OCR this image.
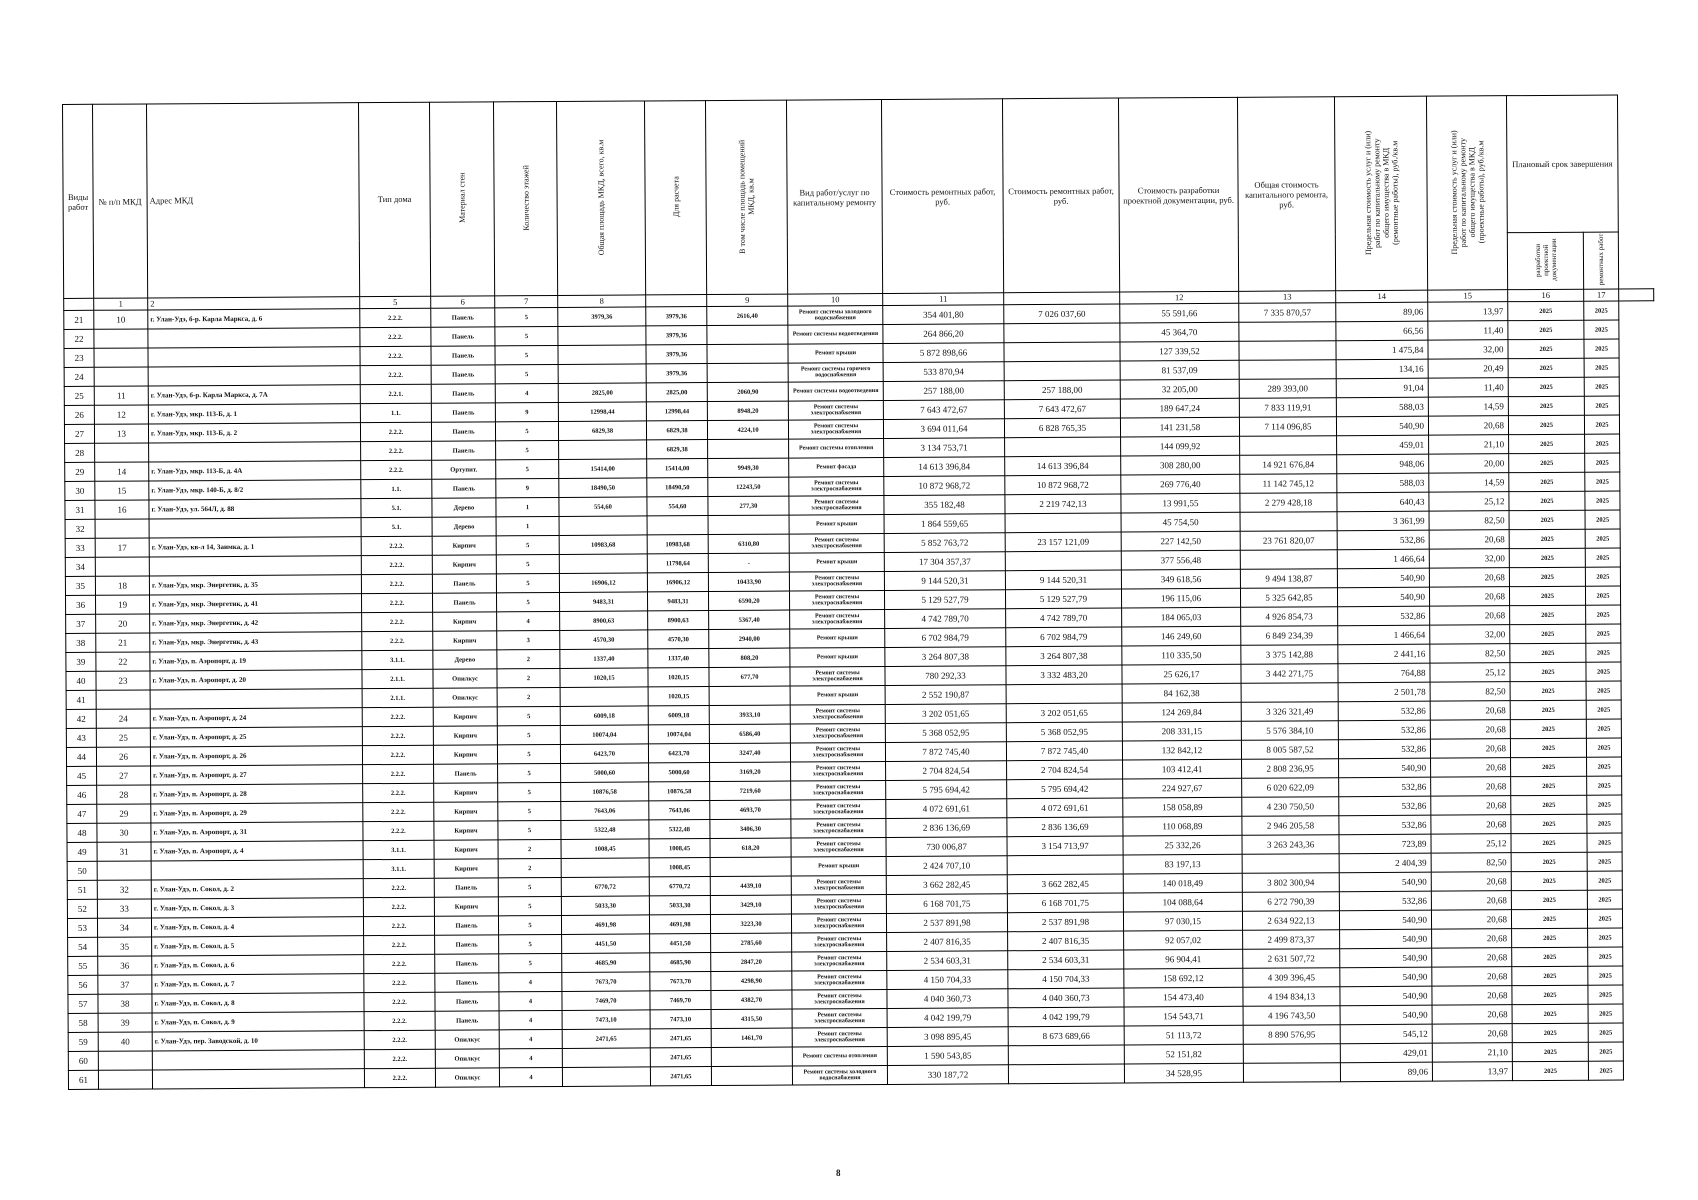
Виды работ	№ п/п МКД	Адрес МКД	Тип дома	Материал стен	Количество этажей	Общая площадь МКД, всего, кв.м	Для расчета	В том числе площадь помещений МКД, кв.м	Вид работ/услуг по капитальному ремонту	Стоимость ремонтных работ, руб.	Стоимость ремонтных работ, руб.	Стоимость разработки проектной документации, руб.	Общая стоимость капитального ремонта, руб.	Предельная стоимость услуг и (или) работ по капитальному ремонту общего имущества в МКД (ремонтные работы), руб./кв.м	Предельная стоимость услуг и (или) работ по капитальному ремонту общего имущества в МКД (проектные работы), руб./кв.м	Плановый срок завершения		
																разработки проектной документации	ремонтных работ	
	1	2	5	6	7	8		9	10	11		12	13	14	15	16	17	
21	10	г. Улан-Удэ, б-р. Карла Маркса, д. 6	2.2.2.	Панель	5	3979,36	3979,36	2616,40	Ремонт системы холодного водоснабжения	354 401,80	7 026 037,60	55 591,66	7 335 870,57	89,06	13,97	2025	2025	
22			2.2.2.	Панель	5		3979,36		Ремонт системы водоотведения	264 866,20		45 364,70		66,56	11,40	2025	2025	
23			2.2.2.	Панель	5		3979,36		Ремонт крыши	5 872 898,66		127 339,52		1 475,84	32,00	2025	2025	
24			2.2.2.	Панель	5		3979,36		Ремонт системы горячего водоснабжения	533 870,94		81 537,09		134,16	20,49	2025	2025	
25	11	г. Улан-Удэ, б-р. Карла Маркса, д. 7А	2.2.1.	Панель	4	2825,00	2825,00	2060,90	Ремонт системы водоотведения	257 188,00	257 188,00	32 205,00	289 393,00	91,04	11,40	2025	2025	
26	12	г. Улан-Удэ, мкр. 113-Б, д. 1	1.1.	Панель	9	12998,44	12998,44	8948,20	Ремонт системы электроснабжения	7 643 472,67	7 643 472,67	189 647,24	7 833 119,91	588,03	14,59	2025	2025	
27	13	г. Улан-Удэ, мкр. 113-Б, д. 2	2.2.2.	Панель	5	6829,38	6829,38	4224,10	Ремонт системы электроснабжения	3 694 011,64	6 828 765,35	141 231,58	7 114 096,85	540,90	20,68	2025	2025	
28			2.2.2.	Панель	5		6829,38		Ремонт системы отопления	3 134 753,71		144 099,92		459,01	21,10	2025	2025	
29	14	г. Улан-Удэ, мкр. 113-Б, д. 4А	2.2.2.	Opтyпит.	5	15414,00	15414,00	9949,30	Ремонт фасада	14 613 396,84	14 613 396,84	308 280,00	14 921 676,84	948,06	20,00	2025	2025	
30	15	г. Улан-Удэ, мкр. 140-Б, д. 8/2	1.1.	Панель	9	18490,50	18490,50	12243,50	Ремонт системы электроснабжения	10 872 968,72	10 872 968,72	269 776,40	11 142 745,12	588,03	14,59	2025	2025	
31	16	г. Улан-Удэ, ул. 564Л, д. 88	5.1.	Дерево	1	554,60	554,60	277,30	Ремонт системы электроснабжения	355 182,48	2 219 742,13	13 991,55	2 279 428,18	640,43	25,12	2025	2025	
32			5.1.	Дерево	1				Ремонт крыши	1 864 559,65		45 754,50		3 361,99	82,50	2025	2025	
33	17	г. Улан-Удэ, кв-л 14, Заимка, д. 1	2.2.2.	Кирпич	5	10983,68	10983,68	6310,80	Ремонт системы электроснабжения	5 852 763,72	23 157 121,09	227 142,50	23 761 820,07	532,86	20,68	2025	2025	
34			2.2.2.	Кирпич	5		11798,64	-	Ремонт крыши	17 304 357,37		377 556,48		1 466,64	32,00	2025	2025	
35	18	г. Улан-Удэ, мкр. Энергетик, д. 35	2.2.2.	Панель	5	16906,12	16906,12	10433,90	Ремонт системы электроснабжения	9 144 520,31	9 144 520,31	349 618,56	9 494 138,87	540,90	20,68	2025	2025	
36	19	г. Улан-Удэ, мкр. Энергетик, д. 41	2.2.2.	Панель	5	9483,31	9483,31	6590,20	Ремонт системы электроснабжения	5 129 527,79	5 129 527,79	196 115,06	5 325 642,85	540,90	20,68	2025	2025	
37	20	г. Улан-Удэ, мкр. Энергетик, д. 42	2.2.2.	Кирпич	4	8900,63	8900,63	5367,40	Ремонт системы электроснабжения	4 742 789,70	4 742 789,70	184 065,03	4 926 854,73	532,86	20,68	2025	2025	
38	21	г. Улан-Удэ, мкр. Энергетик, д. 43	2.2.2.	Кирпич	3	4570,30	4570,30	2940,00	Ремонт крыши	6 702 984,79	6 702 984,79	146 249,60	6 849 234,39	1 466,64	32,00	2025	2025	
39	22	г. Улан-Удэ, п. Аэропорт, д. 19	3.1.1.	Дерево	2	1337,40	1337,40	808,20	Ремонт крыши	3 264 807,38	3 264 807,38	110 335,50	3 375 142,88	2 441,16	82,50	2025	2025	
40	23	г. Улан-Удэ, п. Аэропорт, д. 20	2.1.1.	Опилкус	2	1020,15	1020,15	677,70	Ремонт системы электроснабжения	780 292,33	3 332 483,20	25 626,17	3 442 271,75	764,88	25,12	2025	2025	
41			2.1.1.	Опилкус	2		1020,15		Ремонт крыши	2 552 190,87		84 162,38		2 501,78	82,50	2025	2025	
42	24	г. Улан-Удэ, п. Аэропорт, д. 24	2.2.2.	Кирпич	5	6009,18	6009,18	3933,10	Ремонт системы электроснабжения	3 202 051,65	3 202 051,65	124 269,84	3 326 321,49	532,86	20,68	2025	2025	
43	25	г. Улан-Удэ, п. Аэропорт, д. 25	2.2.2.	Кирпич	5	10074,04	10074,04	6586,40	Ремонт системы электроснабжения	5 368 052,95	5 368 052,95	208 331,15	5 576 384,10	532,86	20,68	2025	2025	
44	26	г. Улан-Удэ, п. Аэропорт, д. 26	2.2.2.	Кирпич	5	6423,70	6423,70	3247,40	Ремонт системы электроснабжения	7 872 745,40	7 872 745,40	132 842,12	8 005 587,52	532,86	20,68	2025	2025	
45	27	г. Улан-Удэ, п. Аэропорт, д. 27	2.2.2.	Панель	5	5000,60	5000,60	3169,20	Ремонт системы электроснабжения	2 704 824,54	2 704 824,54	103 412,41	2 808 236,95	540,90	20,68	2025	2025	
46	28	г. Улан-Удэ, п. Аэропорт, д. 28	2.2.2.	Кирпич	5	10876,58	10876,58	7219,60	Ремонт системы электроснабжения	5 795 694,42	5 795 694,42	224 927,67	6 020 622,09	532,86	20,68	2025	2025	
47	29	г. Улан-Удэ, п. Аэропорт, д. 29	2.2.2.	Кирпич	5	7643,06	7643,06	4693,70	Ремонт системы электроснабжения	4 072 691,61	4 072 691,61	158 058,89	4 230 750,50	532,86	20,68	2025	2025	
48	30	г. Улан-Удэ, п. Аэропорт, д. 31	2.2.2.	Кирпич	5	5322,48	5322,48	3406,30	Ремонт системы электроснабжения	2 836 136,69	2 836 136,69	110 068,89	2 946 205,58	532,86	20,68	2025	2025	
49	31	г. Улан-Удэ, п. Аэропорт, д. 4	3.1.1.	Кирпич	2	1008,45	1008,45	618,20	Ремонт системы электроснабжения	730 006,87	3 154 713,97	25 332,26	3 263 243,36	723,89	25,12	2025	2025	
50			3.1.1.	Кирпич	2		1008,45		Ремонт крыши	2 424 707,10		83 197,13		2 404,39	82,50	2025	2025	
51	32	г. Улан-Удэ, п. Сокол, д. 2	2.2.2.	Панель	5	6770,72	6770,72	4439,10	Ремонт системы электроснабжения	3 662 282,45	3 662 282,45	140 018,49	3 802 300,94	540,90	20,68	2025	2025	
52	33	г. Улан-Удэ, п. Сокол, д. 3	2.2.2.	Кирпич	5	5033,30	5033,30	3429,10	Ремонт системы электроснабжения	6 168 701,75	6 168 701,75	104 088,64	6 272 790,39	532,86	20,68	2025	2025	
53	34	г. Улан-Удэ, п. Сокол, д. 4	2.2.2.	Панель	5	4691,98	4691,98	3223,30	Ремонт системы электроснабжения	2 537 891,98	2 537 891,98	97 030,15	2 634 922,13	540,90	20,68	2025	2025	
54	35	г. Улан-Удэ, п. Сокол, д. 5	2.2.2.	Панель	5	4451,50	4451,50	2785,60	Ремонт системы электроснабжения	2 407 816,35	2 407 816,35	92 057,02	2 499 873,37	540,90	20,68	2025	2025	
55	36	г. Улан-Удэ, п. Сокол, д. 6	2.2.2.	Панель	5	4685,90	4685,90	2847,20	Ремонт системы электроснабжения	2 534 603,31	2 534 603,31	96 904,41	2 631 507,72	540,90	20,68	2025	2025	
56	37	г. Улан-Удэ, п. Сокол, д. 7	2.2.2.	Панель	4	7673,70	7673,70	4298,90	Ремонт системы электроснабжения	4 150 704,33	4 150 704,33	158 692,12	4 309 396,45	540,90	20,68	2025	2025	
57	38	г. Улан-Удэ, п. Сокол, д. 8	2.2.2.	Панель	4	7469,70	7469,70	4382,70	Ремонт системы электроснабжения	4 040 360,73	4 040 360,73	154 473,40	4 194 834,13	540,90	20,68	2025	2025	
58	39	г. Улан-Удэ, п. Сокол, д. 9	2.2.2.	Панель	4	7473,10	7473,10	4315,50	Ремонт системы электроснабжения	4 042 199,79	4 042 199,79	154 543,71	4 196 743,50	540,90	20,68	2025	2025	
59	40	г. Улан-Удэ, пер. Заводской, д. 10	2.2.2.	Опилкус	4	2471,65	2471,65	1461,70	Ремонт системы электроснабжения	3 098 895,45	8 673 689,66	51 113,72	8 890 576,95	545,12	20,68	2025	2025	
60			2.2.2.	Опилкус	4		2471,65		Ремонт системы отопления	1 590 543,85		52 151,82		429,01	21,10	2025	2025	
61			2.2.2.	Опилкус	4		2471,65		Ремонт системы холодного водоснабжения	330 187,72		34 528,95		89,06	13,97	2025	2025	
8
